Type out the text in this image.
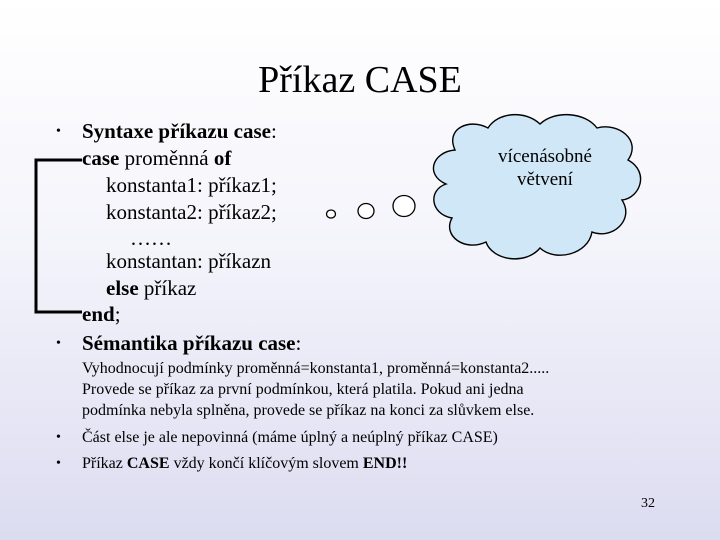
Příkaz CASE
• Syntaxe příkazu case:
case proměnná of
konstanta1: příkaz1;
konstanta2: příkaz2;
……
konstantan: příkazn
else příkaz
end;
vícenásobné
větvení
• Sémantika příkazu case:
Vyhodnocují podmínky proměnná=konstanta1, proměnná=konstanta2.....
Provede se příkaz za první podmínkou, která platila. Pokud ani jedna
podmínka nebyla splněna, provede se příkaz na konci za slůvkem else.
• Část else je ale nepovinná (máme úplný a neúplný příkaz CASE)
• Příkaz CASE vždy končí klíčovým slovem END!!
32
